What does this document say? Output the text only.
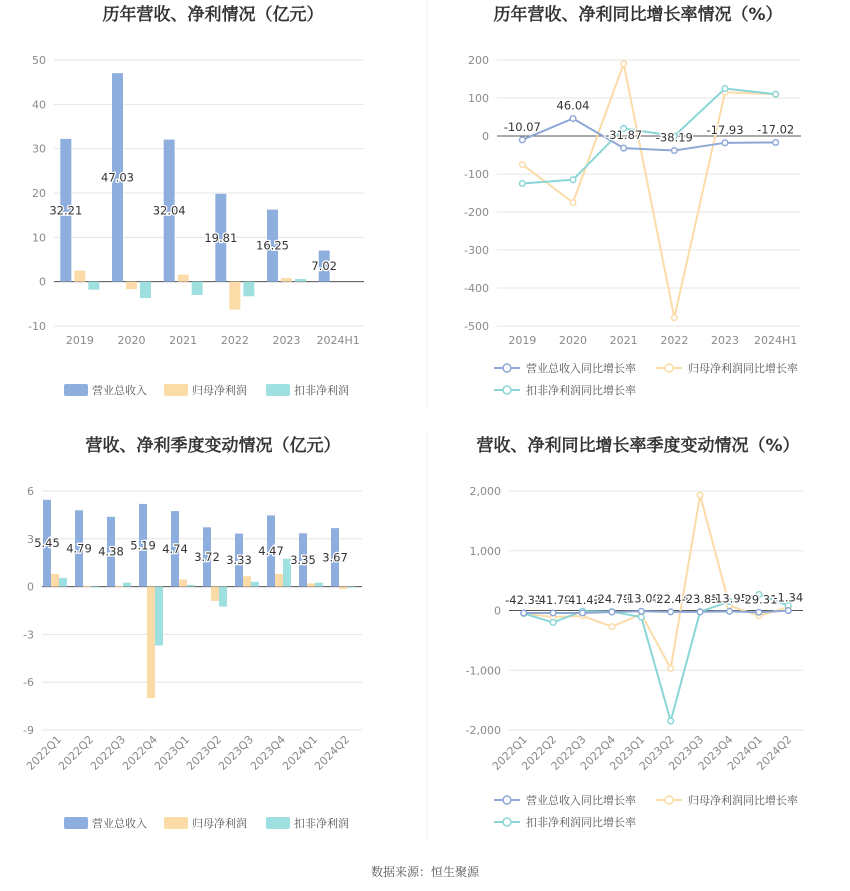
数据来源：恒生聚源
历年营收、净利情况（亿元）
50
40
30
20
10
0
-10
2019 2020 2021 2022 2023 2024H1
32.21
47.03
32.04
19.81
16.25
7.02
营业总收入	归母净利润	扣非净利润
历年营收、净利同比增长率情况（%）
200
100
0
-100
-200
-300
-400
-500
2019 2020 2021 2022 2023 2024H1
-10.07
46.04
-31.87 -38.19
-17.93 -17.02
营业总收入同比增长率	归母净利润同比增长率
扣非净利润同比增长率
营收、净利季度变动情况（亿元）
6
3
0
-3
-6
-9
2022Q1
2022Q2
2022Q3
2022Q4
2023Q1
2023Q2
2023Q3
2023Q4
2024Q1
2024Q2
5.45 4.79 4.38 5.19 4.74
3.72 3.33
4.47
3.35 3.67
营业总收入	归母净利润	扣非净利润
营收、净利同比增长率季度变动情况（%）
2,000
1,000
0
-1,000
-2,000
2022Q1
2022Q2
2022Q3
2022Q4
2023Q1
2023Q2
2023Q3
2023Q4
2024Q1
2024Q2
-42.31
-41.79
-41.42
-24.78
-13.00
-22.44
-23.85
-13.95
-29.31
-1.34
营业总收入同比增长率	归母净利润同比增长率
扣非净利润同比增长率
